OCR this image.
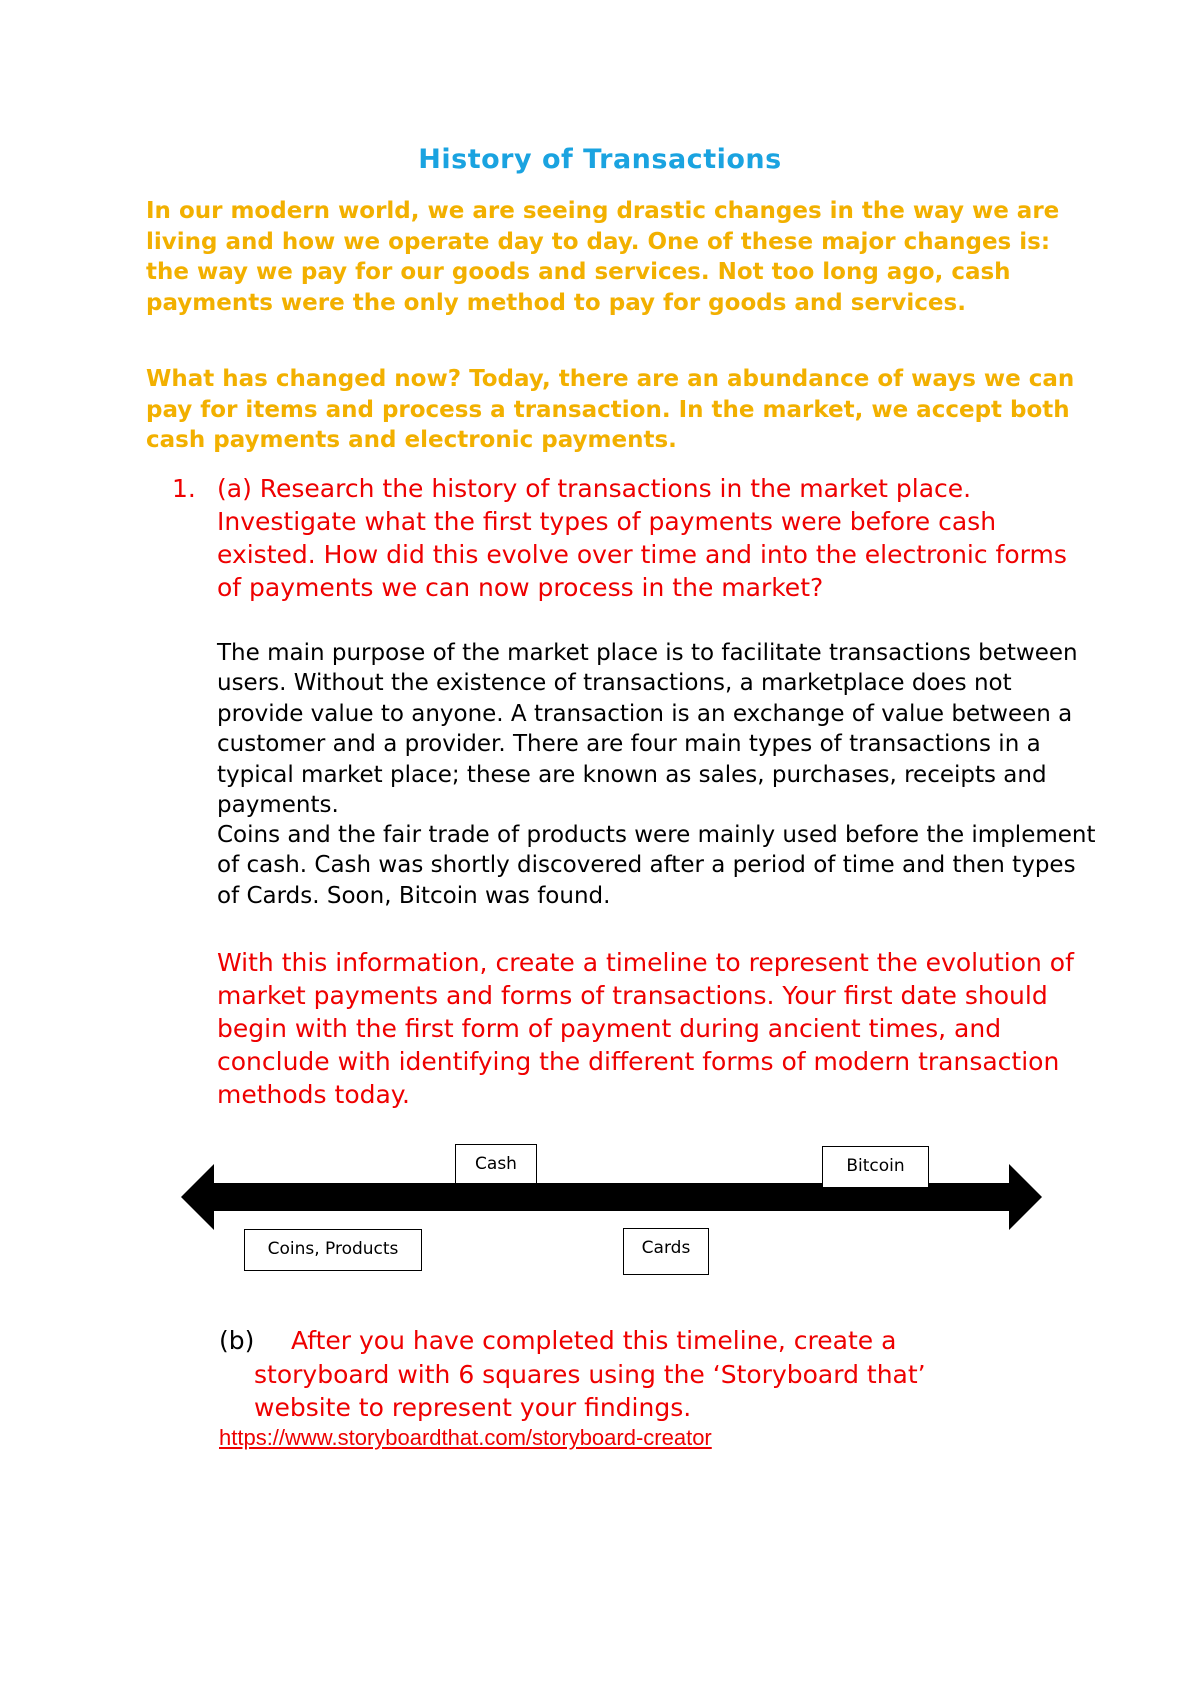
History of Transactions

In our modern world, we are seeing drastic changes in the way we are living and how we operate day to day. One of these major changes is: the way we pay for our goods and services. Not too long ago, cash payments were the only method to pay for goods and services.

What has changed now? Today, there are an abundance of ways we can pay for items and process a transaction. In the market, we accept both cash payments and electronic payments.

1. (a) Research the history of transactions in the market place. Investigate what the first types of payments were before cash existed. How did this evolve over time and into the electronic forms of payments we can now process in the market?

The main purpose of the market place is to facilitate transactions between users. Without the existence of transactions, a marketplace does not provide value to anyone. A transaction is an exchange of value between a customer and a provider. There are four main types of transactions in a typical market place; these are known as sales, purchases, receipts and payments.

Coins and the fair trade of products were mainly used before the implement of cash. Cash was shortly discovered after a period of time and then types of Cards. Soon, Bitcoin was found.

With this information, create a timeline to represent the evolution of market payments and forms of transactions. Your first date should begin with the first form of payment during ancient times, and conclude with identifying the different forms of modern transaction methods today.

Coins, Products
Cash
Cards
Bitcoin
(b)	After you have completed this timeline, create a storyboard with 6 squares using the ‘Storyboard that’ website to represent your findings.

https://www.storyboardthat.com/storyboard-creator
